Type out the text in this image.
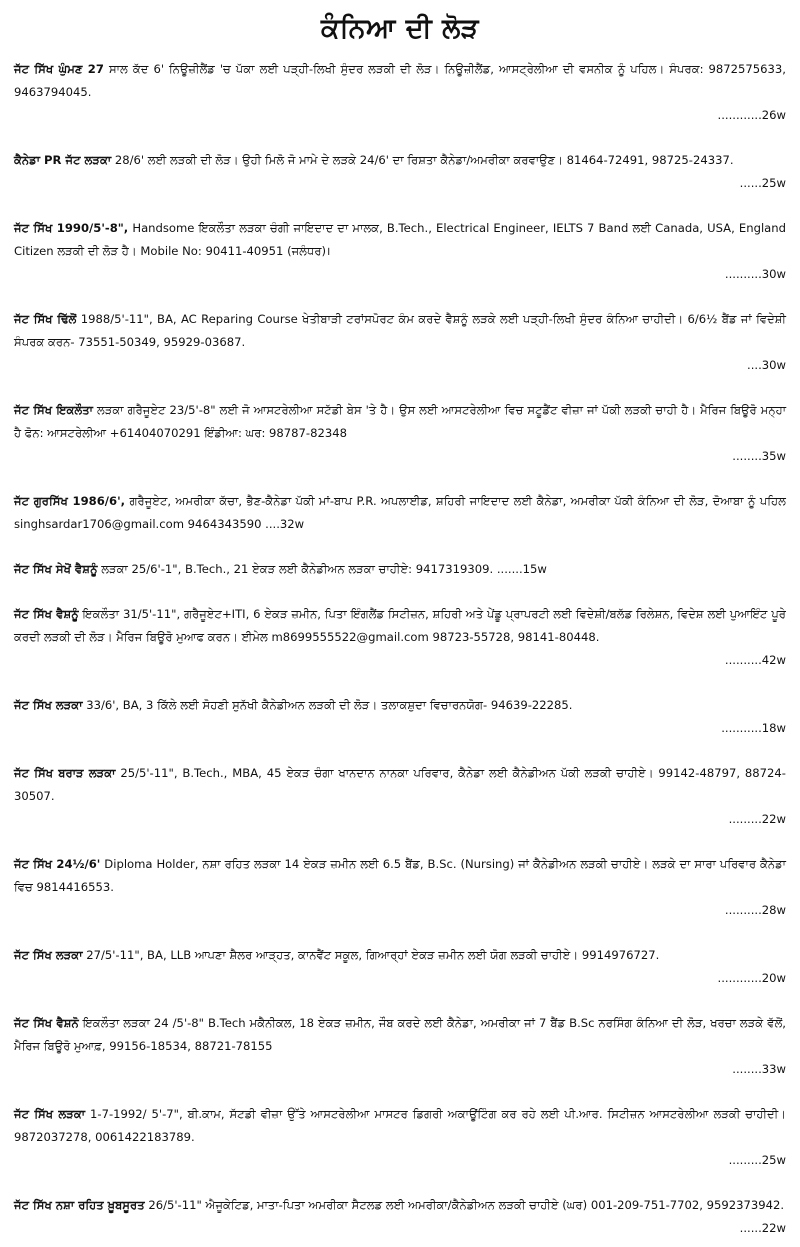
ਕੰਨਿਆ ਦੀ ਲੋੜ
ਜੱਟ ਸਿੱਖ ਘੁੰਮਣ 27 ਸਾਲ ਕੱਦ 6' ਨਿਊਜ਼ੀਲੈਂਡ 'ਚ ਪੱਕਾ ਲਈ ਪੜ੍ਹੀ-ਲਿਖੀ ਸੁੰਦਰ ਲੜਕੀ ਦੀ ਲੋੜ। ਨਿਊਜ਼ੀਲੈਂਡ, ਆਸਟ੍ਰੇਲੀਆ ਦੀ ਵਸਨੀਕ ਨੂੰ ਪਹਿਲ। ਸੰਪਰਕ: 9872575633, 9463794045.
............26w
ਕੈਨੇਡਾ PR ਜੱਟ ਲੜਕਾ 28/6' ਲਈ ਲੜਕੀ ਦੀ ਲੋੜ। ਉਹੀ ਮਿਲੋ ਜੋ ਮਾਮੇ ਦੇ ਲੜਕੇ 24/6' ਦਾ ਰਿਸ਼ਤਾ ਕੈਨੇਡਾ/ਅਮਰੀਕਾ ਕਰਵਾਉਣ। 81464-72491, 98725-24337.
......25w
ਜੱਟ ਸਿੱਖ 1990/5'-8", Handsome ਇਕਲੌਤਾ ਲੜਕਾ ਚੰਗੀ ਜਾਇਦਾਦ ਦਾ ਮਾਲਕ, B.Tech., Electrical Engineer, IELTS 7 Band ਲਈ Canada, USA, England Citizen ਲੜਕੀ ਦੀ ਲੋੜ ਹੈ। Mobile No: 90411-40951 (ਜਲੰਧਰ)।
..........30w
ਜੱਟ ਸਿੱਖ ਢਿੱਲੋਂ 1988/5'-11", BA, AC Reparing Course ਖੇਤੀਬਾੜੀ ਟਰਾਂਸਪੋਰਟ ਕੰਮ ਕਰਦੇ ਵੈਸ਼ਨੂੰ ਲੜਕੇ ਲਈ ਪੜ੍ਹੀ-ਲਿਖੀ ਸੁੰਦਰ ਕੰਨਿਆ ਚਾਹੀਦੀ। 6/6½ ਬੈਂਡ ਜਾਂ ਵਿਦੇਸ਼ੀ ਸੰਪਰਕ ਕਰਨ- 73551-50349, 95929-03687.
....30w
ਜੱਟ ਸਿੱਖ ਇਕਲੌਤਾ ਲੜਕਾ ਗਰੈਜੂਏਟ 23/5'-8" ਲਈ ਜੋ ਆਸਟਰੇਲੀਆ ਸਟੱਡੀ ਬੇਸ 'ਤੇ ਹੈ। ਉਸ ਲਈ ਆਸਟਰੇਲੀਆ ਵਿਚ ਸਟੂਡੈਂਟ ਵੀਜ਼ਾ ਜਾਂ ਪੱਕੀ ਲੜਕੀ ਚਾਹੀ ਹੈ। ਮੈਰਿਜ ਬਿਊਰੋ ਮਨ੍ਹਾ ਹੈ ਫੋਨ: ਆਸਟਰੇਲੀਆ +61404070291 ਇੰਡੀਆ: ਘਰ: 98787-82348
........35w
ਜੱਟ ਗੁਰਸਿੱਖ 1986/6', ਗਰੈਜੂਏਟ, ਅਮਰੀਕਾ ਕੱਚਾ, ਭੈਣ-ਕੈਨੇਡਾ ਪੱਕੀ ਮਾਂ-ਬਾਪ P.R. ਅਪਲਾਈਡ, ਸ਼ਹਿਰੀ ਜਾਇਦਾਦ ਲਈ ਕੈਨੇਡਾ, ਅਮਰੀਕਾ ਪੱਕੀ ਕੰਨਿਆ ਦੀ ਲੋੜ, ਦੋਆਬਾ ਨੂੰ ਪਹਿਲ singhsardar1706@gmail.com 9464343590 ....32w
ਜੱਟ ਸਿੱਖ ਸੇਖੋਂ ਵੈਸ਼ਨੂੰ ਲੜਕਾ 25/6'-1", B.Tech., 21 ਏਕੜ ਲਈ ਕੈਨੇਡੀਅਨ ਲੜਕਾ ਚਾਹੀਏ: 9417319309. .......15w
ਜੱਟ ਸਿੱਖ ਵੈਸ਼ਨੂੰ ਇਕਲੌਤਾ 31/5'-11", ਗਰੈਜੂਏਟ+ITI, 6 ਏਕੜ ਜ਼ਮੀਨ, ਪਿਤਾ ਇੰਗਲੈਂਡ ਸਿਟੀਜ਼ਨ, ਸ਼ਹਿਰੀ ਅਤੇ ਪੇਂਡੂ ਪ੍ਰਾਪਰਟੀ ਲਈ ਵਿਦੇਸ਼ੀ/ਬਲੱਡ ਰਿਲੇਸ਼ਨ, ਵਿਦੇਸ਼ ਲਈ ਪੁਆਇੰਟ ਪੂਰੇ ਕਰਦੀ ਲੜਕੀ ਦੀ ਲੋੜ। ਮੈਰਿਜ ਬਿਊਰੋ ਮੁਆਫ ਕਰਨ। ਈਮੇਲ m8699555522@gmail.com 98723-55728, 98141-80448.
..........42w
ਜੱਟ ਸਿੱਖ ਲੜਕਾ 33/6', BA, 3 ਕਿੱਲੇ ਲਈ ਸੋਹਣੀ ਸੁਨੱਖੀ ਕੈਨੇਡੀਅਨ ਲੜਕੀ ਦੀ ਲੋੜ। ਤਲਾਕਸ਼ੁਦਾ ਵਿਚਾਰਨਯੋਗ- 94639-22285.
...........18w
ਜੱਟ ਸਿੱਖ ਬਰਾੜ ਲੜਕਾ 25/5'-11", B.Tech., MBA, 45 ਏਕੜ ਚੰਗਾ ਖਾਨਦਾਨ ਨਾਨਕਾ ਪਰਿਵਾਰ, ਕੈਨੇਡਾ ਲਈ ਕੈਨੇਡੀਅਨ ਪੱਕੀ ਲੜਕੀ ਚਾਹੀਏ। 99142-48797, 88724-30507.
.........22w
ਜੱਟ ਸਿੱਖ 24½/6' Diploma Holder, ਨਸ਼ਾ ਰਹਿਤ ਲੜਕਾ 14 ਏਕੜ ਜ਼ਮੀਨ ਲਈ 6.5 ਬੈਂਡ, B.Sc. (Nursing) ਜਾਂ ਕੈਨੇਡੀਅਨ ਲੜਕੀ ਚਾਹੀਏ। ਲੜਕੇ ਦਾ ਸਾਰਾ ਪਰਿਵਾਰ ਕੈਨੇਡਾ ਵਿਚ 9814416553.
..........28w
ਜੱਟ ਸਿੱਖ ਲੜਕਾ 27/5'-11", BA, LLB ਆਪਣਾ ਸ਼ੈਲਰ ਆੜ੍ਹਤ, ਕਾਨਵੈਂਟ ਸਕੂਲ, ਗਿਆਰ੍ਹਾਂ ਏਕੜ ਜ਼ਮੀਨ ਲਈ ਯੋਗ ਲੜਕੀ ਚਾਹੀਏ। 9914976727.
............20w
ਜੱਟ ਸਿੱਖ ਵੈਸ਼ਨੋ ਇਕਲੌਤਾ ਲੜਕਾ 24 /5'-8" B.Tech ਮਕੈਨੀਕਲ, 18 ਏਕੜ ਜ਼ਮੀਨ, ਜੌਬ ਕਰਦੇ ਲਈ ਕੈਨੇਡਾ, ਅਮਰੀਕਾ ਜਾਂ 7 ਬੈਂਡ B.Sc ਨਰਸਿੰਗ ਕੰਨਿਆ ਦੀ ਲੋੜ, ਖਰਚਾ ਲੜਕੇ ਵੱਲੋਂ, ਮੈਰਿਜ ਬਿਊਰੋ ਮੁਆਫ਼, 99156-18534, 88721-78155
........33w
ਜੱਟ ਸਿੱਖ ਲੜਕਾ 1-7-1992/ 5'-7", ਬੀ.ਕਾਮ, ਸੱਟਡੀ ਵੀਜ਼ਾ ਉੱਤੇ ਆਸਟਰੇਲੀਆ ਮਾਸਟਰ ਡਿਗਰੀ ਅਕਾਊਂਟਿੰਗ ਕਰ ਰਹੇ ਲਈ ਪੀ.ਆਰ. ਸਿਟੀਜ਼ਨ ਆਸਟਰੇਲੀਆ ਲੜਕੀ ਚਾਹੀਦੀ। 9872037278, 0061422183789.
.........25w
ਜੱਟ ਸਿੱਖ ਨਸ਼ਾ ਰਹਿਤ ਖ਼ੂਬਸੂਰਤ 26/5'-11" ਐਜੂਕੇਟਿਡ, ਮਾਤਾ-ਪਿਤਾ ਅਮਰੀਕਾ ਸੈਟਲਡ ਲਈ ਅਮਰੀਕਾ/ਕੈਨੇਡੀਅਨ ਲੜਕੀ ਚਾਹੀਏ (ਘਰ) 001-209-751-7702, 9592373942.
......22w
